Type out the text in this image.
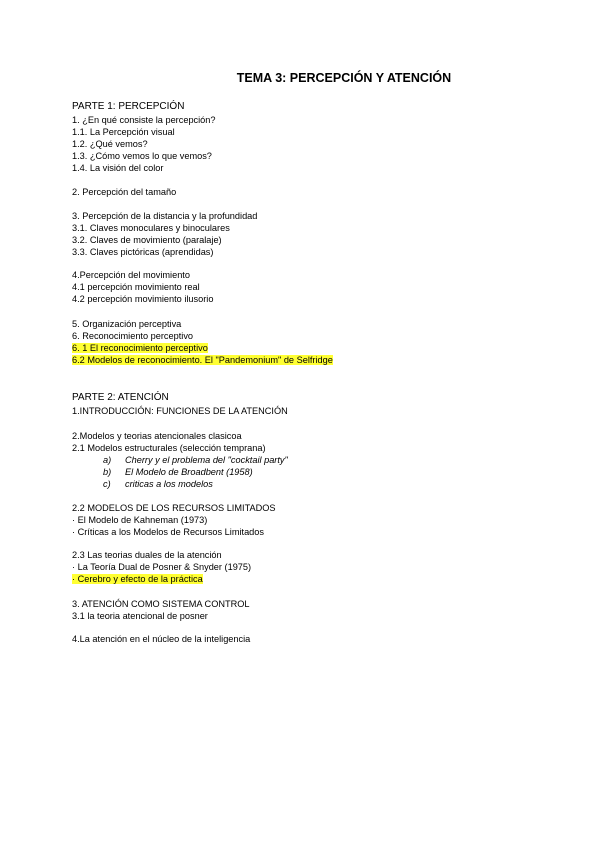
TEMA 3: PERCEPCIÓN Y ATENCIÓN
PARTE 1: PERCEPCIÓN
1. ¿En qué consiste la percepción?
1.1. La Percepción visual
1.2. ¿Qué vemos?
1.3. ¿Cómo vemos lo que vemos?
1.4. La visión del color
2. Percepción del tamaño
3. Percepción de la distancia y la profundidad
3.1. Claves monoculares y binoculares
3.2. Claves de movimiento (paralaje)
3.3. Claves pictóricas (aprendidas)
4.Percepción del movimiento
4.1 percepción movimiento real
4.2 percepción movimiento ilusorio
5. Organización perceptiva
6. Reconocimiento perceptivo
6. 1 El reconocimiento perceptivo
6.2 Modelos de reconocimiento. El "Pandemonium" de Selfridge
PARTE 2: ATENCIÓN
1.INTRODUCCIÓN: FUNCIONES DE LA ATENCIÓN
2.Modelos y teorias atencionales clasicoa
2.1 Modelos estructurales (selección temprana)
a) Cherry y el problema del "cocktail party"
b) El Modelo de Broadbent (1958)
c) criticas a los modelos
2.2 MODELOS DE LOS RECURSOS LIMITADOS
· El Modelo de Kahneman (1973)
· Críticas a los Modelos de Recursos Limitados
2.3 Las teorias duales de la atención
· La Teoría Dual de Posner & Snyder (1975)
· Cerebro y efecto de la práctica
3. ATENCIÓN COMO SISTEMA CONTROL
3.1 la teoria atencional de posner
4.La atención en el núcleo de la inteligencia
